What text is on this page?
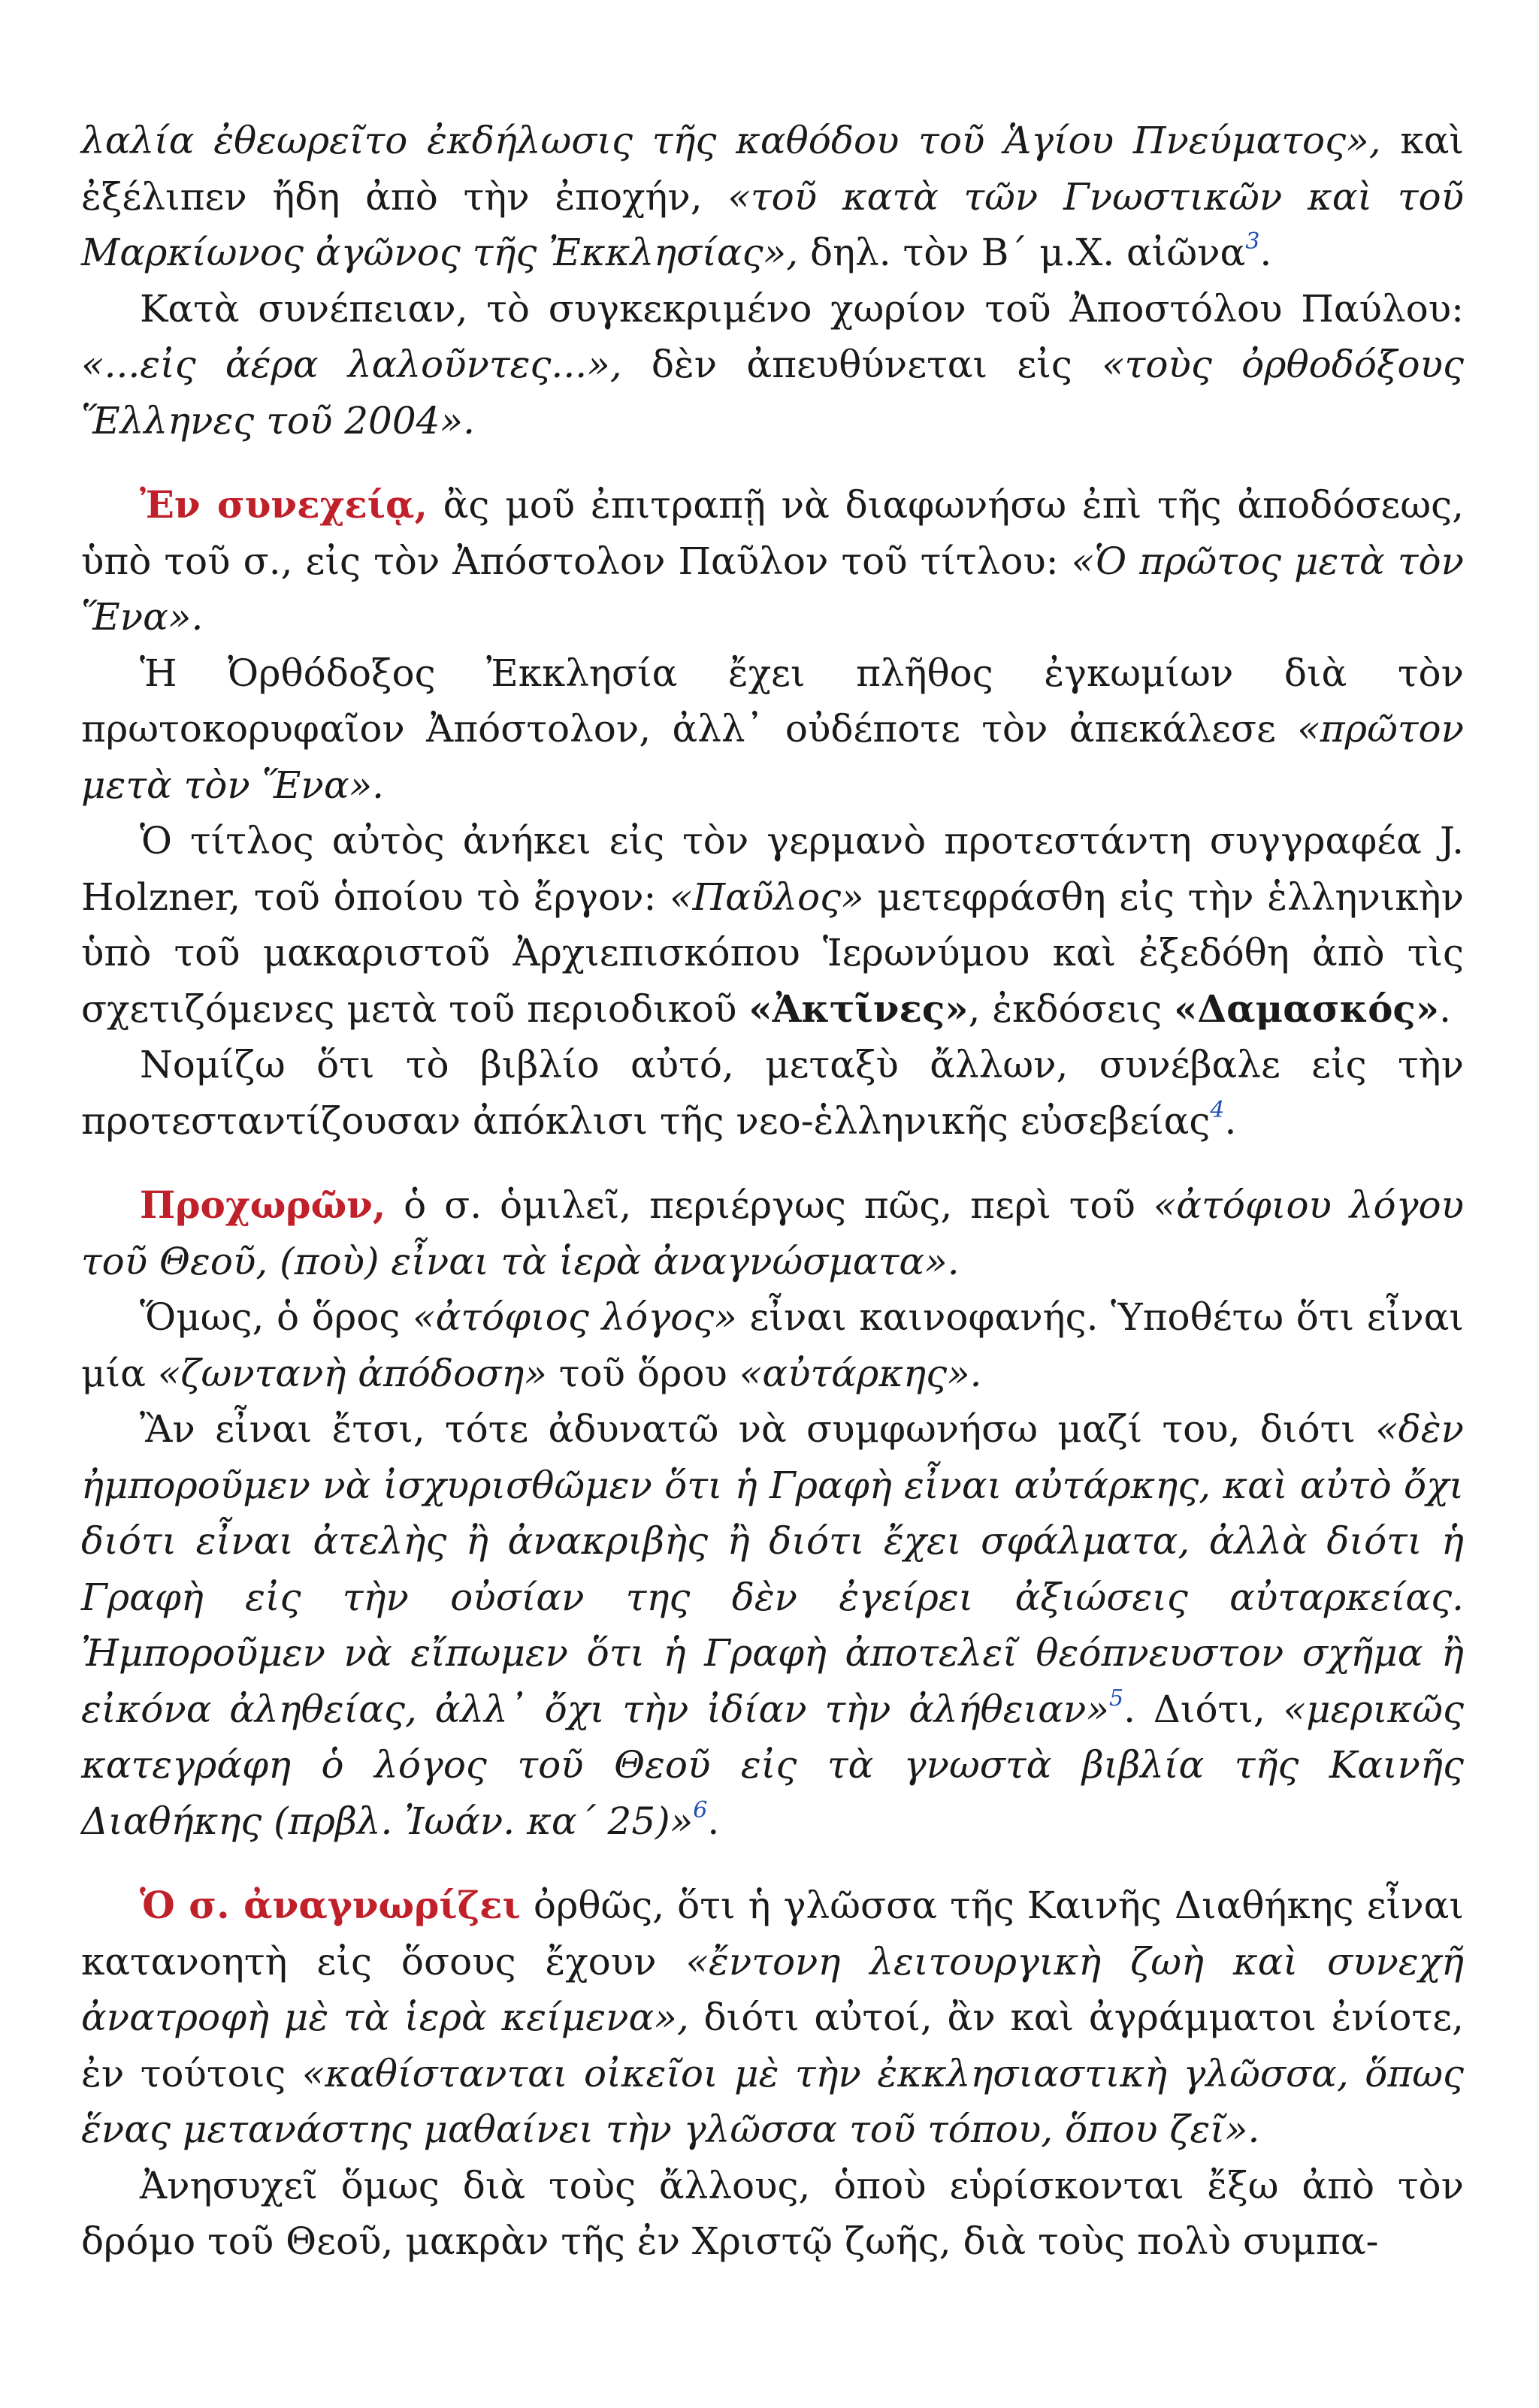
λαλία ἐθεωρεῖτο ἐκδήλωσις τῆς καθόδου τοῦ Ἁγίου Πνεύματος», καὶ ἐξέλιπεν ἤδη ἀπὸ τὴν ἐποχήν, «τοῦ κατὰ τῶν Γνωστικῶν καὶ τοῦ Μαρκίωνος ἀγῶνος τῆς Ἐκκλησίας», δηλ. τὸν Β´ μ.Χ. αἰῶνα$^3$.

Κατὰ συνέπειαν, τὸ συγκεκριμένο χωρίον τοῦ Ἀποστόλου Παύλου: «...εἰς ἀέρα λαλοῦντες...», δὲν ἀπευθύνεται εἰς «τοὺς ὀρθοδόξους Ἕλληνες τοῦ 2004».

Ἐν συνεχείᾳ, ἂς μοῦ ἐπιτραπῇ νὰ διαφωνήσω ἐπὶ τῆς ἀποδόσεως, ὑπὸ τοῦ σ., εἰς τὸν Ἀπόστολον Παῦλον τοῦ τίτλου: «Ὁ πρῶτος μετὰ τὸν Ἕνα».

Ἡ Ὀρθόδοξος Ἐκκλησία ἔχει πλῆθος ἐγκωμίων διὰ τὸν πρωτοκορυφαῖον Ἀπόστολον, ἀλλ᾽ οὐδέποτε τὸν ἀπεκάλεσε «πρῶτον μετὰ τὸν Ἕνα».

Ὁ τίτλος αὐτὸς ἀνήκει εἰς τὸν γερμανὸ προτεστάντη συγγραφέα J. Holzner, τοῦ ὁποίου τὸ ἔργον: «Παῦλος» μετεφράσθη εἰς τὴν ἑλληνικὴν ὑπὸ τοῦ μακαριστοῦ Ἀρχιεπισκόπου Ἱερωνύμου καὶ ἐξεδόθη ἀπὸ τὶς σχετιζόμενες μετὰ τοῦ περιοδικοῦ «Ἀκτῖνες», ἐκδόσεις «Δαμασκός».

Νομίζω ὅτι τὸ βιβλίο αὐτό, μεταξὺ ἄλλων, συνέβαλε εἰς τὴν προτεσταντίζουσαν ἀπόκλισι τῆς νεο-ἑλληνικῆς εὐσεβείας$^4$.

Προχωρῶν, ὁ σ. ὁμιλεῖ, περιέργως πῶς, περὶ τοῦ «ἀτόφιου λόγου τοῦ Θεοῦ, (ποὺ) εἶναι τὰ ἱερὰ ἀναγνώσματα».

Ὅμως, ὁ ὅρος «ἀτόφιος λόγος» εἶναι καινοφανής. Ὑποθέτω ὅτι εἶναι μία «ζωντανὴ ἀπόδοση» τοῦ ὅρου «αὐτάρκης».

Ἂν εἶναι ἔτσι, τότε ἀδυνατῶ νὰ συμφωνήσω μαζί του, διότι «δὲν ἠμποροῦμεν νὰ ἰσχυρισθῶμεν ὅτι ἡ Γραφὴ εἶναι αὐτάρκης, καὶ αὐτὸ ὄχι διότι εἶναι ἀτελὴς ἢ ἀνακριβὴς ἢ διότι ἔχει σφάλματα, ἀλλὰ διότι ἡ Γραφὴ εἰς τὴν οὐσίαν της δὲν ἐγείρει ἀξιώσεις αὐταρκείας. Ἠμποροῦμεν νὰ εἴπωμεν ὅτι ἡ Γραφὴ ἀποτελεῖ θεόπνευστον σχῆμα ἢ εἰκόνα ἀληθείας, ἀλλ᾽ ὄχι τὴν ἰδίαν τὴν ἀλήθειαν»$^5$. Διότι, «μερικῶς κατεγράφη ὁ λόγος τοῦ Θεοῦ εἰς τὰ γνωστὰ βιβλία τῆς Καινῆς Διαθήκης (πρβλ. Ἰωάν. κα´ 25)»$^6$.

Ὁ σ. ἀναγνωρίζει ὀρθῶς, ὅτι ἡ γλῶσσα τῆς Καινῆς Διαθήκης εἶναι κατανοητὴ εἰς ὅσους ἔχουν «ἔντονη λειτουργικὴ ζωὴ καὶ συνεχῆ ἀνατροφὴ μὲ τὰ ἱερὰ κείμενα», διότι αὐτοί, ἂν καὶ ἀγράμματοι ἐνίοτε, ἐν τούτοις «καθίστανται οἰκεῖοι μὲ τὴν ἐκκλησιαστικὴ γλῶσσα, ὅπως ἕνας μετανάστης μαθαίνει τὴν γλῶσσα τοῦ τόπου, ὅπου ζεῖ».

Ἀνησυχεῖ ὅμως διὰ τοὺς ἄλλους, ὁποὺ εὑρίσκονται ἔξω ἀπὸ τὸν δρόμο τοῦ Θεοῦ, μακρὰν τῆς ἐν Χριστῷ ζωῆς, διὰ τοὺς πολὺ συμπα-
